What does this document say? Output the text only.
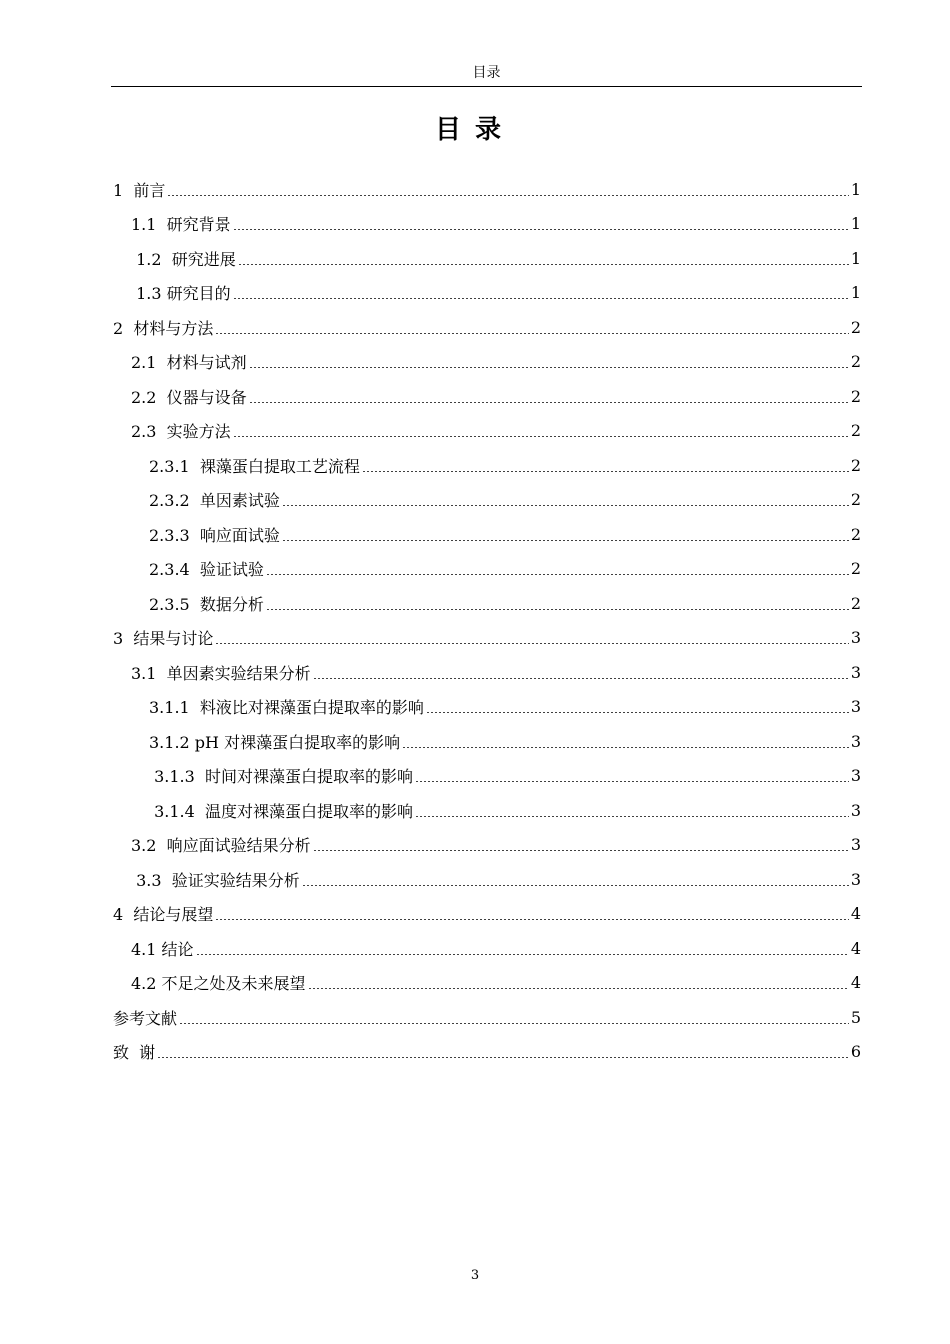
目录
目录
1  前言	1
1.1  研究背景	1
1.2  研究进展	1
1.3 研究目的	1
2  材料与方法	2
2.1  材料与试剂	2
2.2  仪器与设备	2
2.3  实验方法	2
2.3.1  裸藻蛋白提取工艺流程	2
2.3.2  单因素试验	2
2.3.3  响应面试验	2
2.3.4  验证试验	2
2.3.5  数据分析	2
3  结果与讨论	3
3.1  单因素实验结果分析	3
3.1.1  料液比对裸藻蛋白提取率的影响	3
3.1.2 pH 对裸藻蛋白提取率的影响	3
3.1.3  时间对裸藻蛋白提取率的影响	3
3.1.4  温度对裸藻蛋白提取率的影响	3
3.2  响应面试验结果分析	3
3.3  验证实验结果分析	3
4  结论与展望	4
4.1 结论	4
4.2 不足之处及未来展望	4
参考文献	5
致  谢	6
3
